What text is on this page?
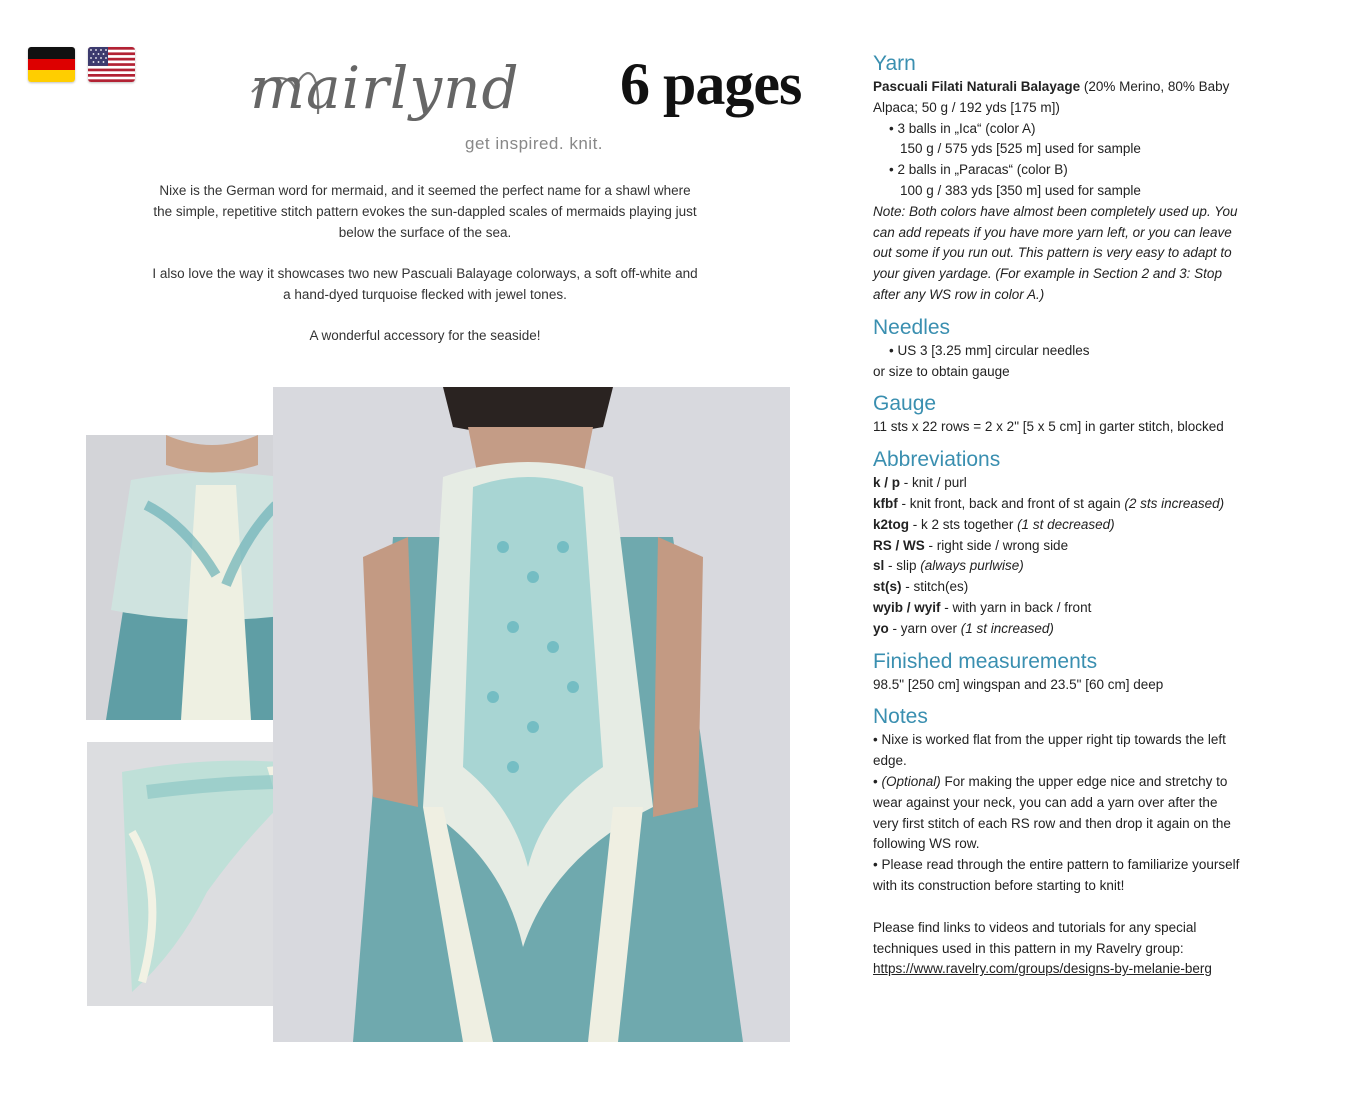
mairlynd
get inspired. knit.
6 pages

Nixe is the German word for mermaid, and it seemed the perfect name for a shawl where the simple, repetitive stitch pattern evokes the sun-dappled scales of mermaids playing just below the surface of the sea.

I also love the way it showcases two new Pascuali Balayage colorways, a soft off-white and a hand-dyed turquoise flecked with jewel tones.

A wonderful accessory for the seaside!

Yarn
Pascuali Filati Naturali Balayage (20% Merino, 80% Baby Alpaca; 50 g / 192 yds [175 m])
• 3 balls in „Ica“ (color A)
150 g / 575 yds [525 m] used for sample
• 2 balls in „Paracas“ (color B)
100 g / 383 yds [350 m] used for sample
Note: Both colors have almost been completely used up. You can add repeats if you have more yarn left, or you can leave out some if you run out. This pattern is very easy to adapt to your given yardage. (For example in Section 2 and 3: Stop after any WS row in color A.)
Needles
• US 3 [3.25 mm] circular needles
or size to obtain gauge
Gauge
11 sts x 22 rows = 2 x 2" [5 x 5 cm] in garter stitch, blocked
Abbreviations
k / p - knit / purl
kfbf - knit front, back and front of st again (2 sts increased)
k2tog - k 2 sts together (1 st decreased)
RS / WS - right side / wrong side
sl - slip (always purlwise)
st(s) - stitch(es)
wyib / wyif - with yarn in back / front
yo - yarn over (1 st increased)
Finished measurements
98.5" [250 cm] wingspan and 23.5" [60 cm] deep
Notes
• Nixe is worked flat from the upper right tip towards the left edge.
• (Optional) For making the upper edge nice and stretchy to wear against your neck, you can add a yarn over after the very first stitch of each RS row and then drop it again on the following WS row.
• Please read through the entire pattern to familiarize yourself with its construction before starting to knit!
Please find links to videos and tutorials for any special techniques used in this pattern in my Ravelry group:
https://www.ravelry.com/groups/designs-by-melanie-berg
